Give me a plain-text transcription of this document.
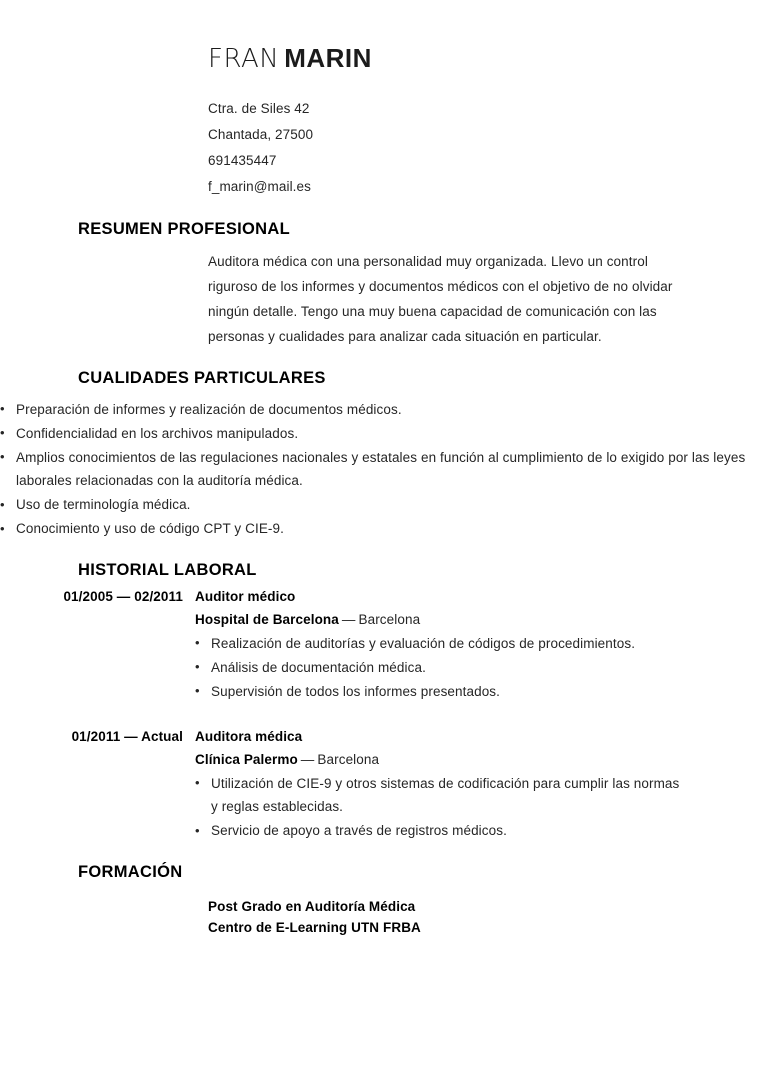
FRAN MARIN
Ctra. de Siles 42
Chantada, 27500
691435447
f_marin@mail.es
RESUMEN PROFESIONAL
Auditora médica con una personalidad muy organizada. Llevo un control riguroso de los informes y documentos médicos con el objetivo de no olvidar ningún detalle. Tengo una muy buena capacidad de comunicación con las personas y cualidades para analizar cada situación en particular.
CUALIDADES PARTICULARES
• Preparación de informes y realización de documentos médicos.
• Confidencialidad en los archivos manipulados.
• Amplios conocimientos de las regulaciones nacionales y estatales en función al cumplimiento de lo exigido por las leyes laborales relacionadas con la auditoría médica.
• Uso de terminología médica.
• Conocimiento y uso de código CPT y CIE-9.
HISTORIAL LABORAL
01/2005 — 02/2011 Auditor médico
Hospital de Barcelona — Barcelona
• Realización de auditorías y evaluación de códigos de procedimientos.
• Análisis de documentación médica.
• Supervisión de todos los informes presentados.
01/2011 — Actual Auditora médica
Clínica Palermo — Barcelona
• Utilización de CIE-9 y otros sistemas de codificación para cumplir las normas y reglas establecidas.
• Servicio de apoyo a través de registros médicos.
FORMACIÓN
Post Grado en Auditoría Médica
Centro de E-Learning UTN FRBA
